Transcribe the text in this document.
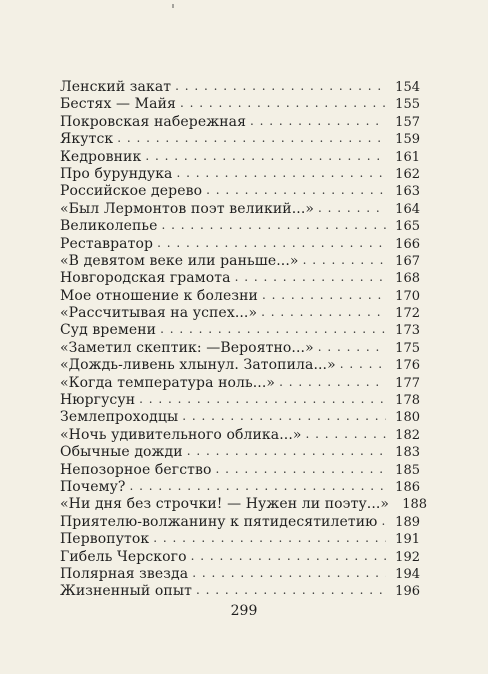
Ленский закат . . .	154
Бестях — Майя . . .	155
Покровская набережная . . .	157
Якутск . . .	159
Кедровник . . .	161
Про бурундука . . .	162
Российское дерево . . .	163
«Был Лермонтов поэт великий...» . . .	164
Великолепье . . .	165
Реставратор . . .	166
«В девятом веке или раньше...» . . .	167
Новгородская грамота . . .	168
Мое отношение к болезни . . .	170
«Рассчитывая на успех...» . . .	172
Суд времени . . .	173
«Заметил скептик: —Вероятно...» . . .	175
«Дождь-ливень хлынул. Затопила...» . . .	176
«Когда температура ноль...» . . .	177
Нюргусун . . .	178
Землепроходцы . . .	180
«Ночь удивительного облика...» . . .	182
Обычные дожди . . .	183
Непозорное бегство . . .	185
Почему? . . .	186
«Ни дня без строчки! — Нужен ли поэту...»	188
Приятелю-волжанину к пятидесятилетию . . .	189
Первопуток . . .	191
Гибель Черского . . .	192
Полярная звезда . . .	194
Жизненный опыт . . .	196
299
